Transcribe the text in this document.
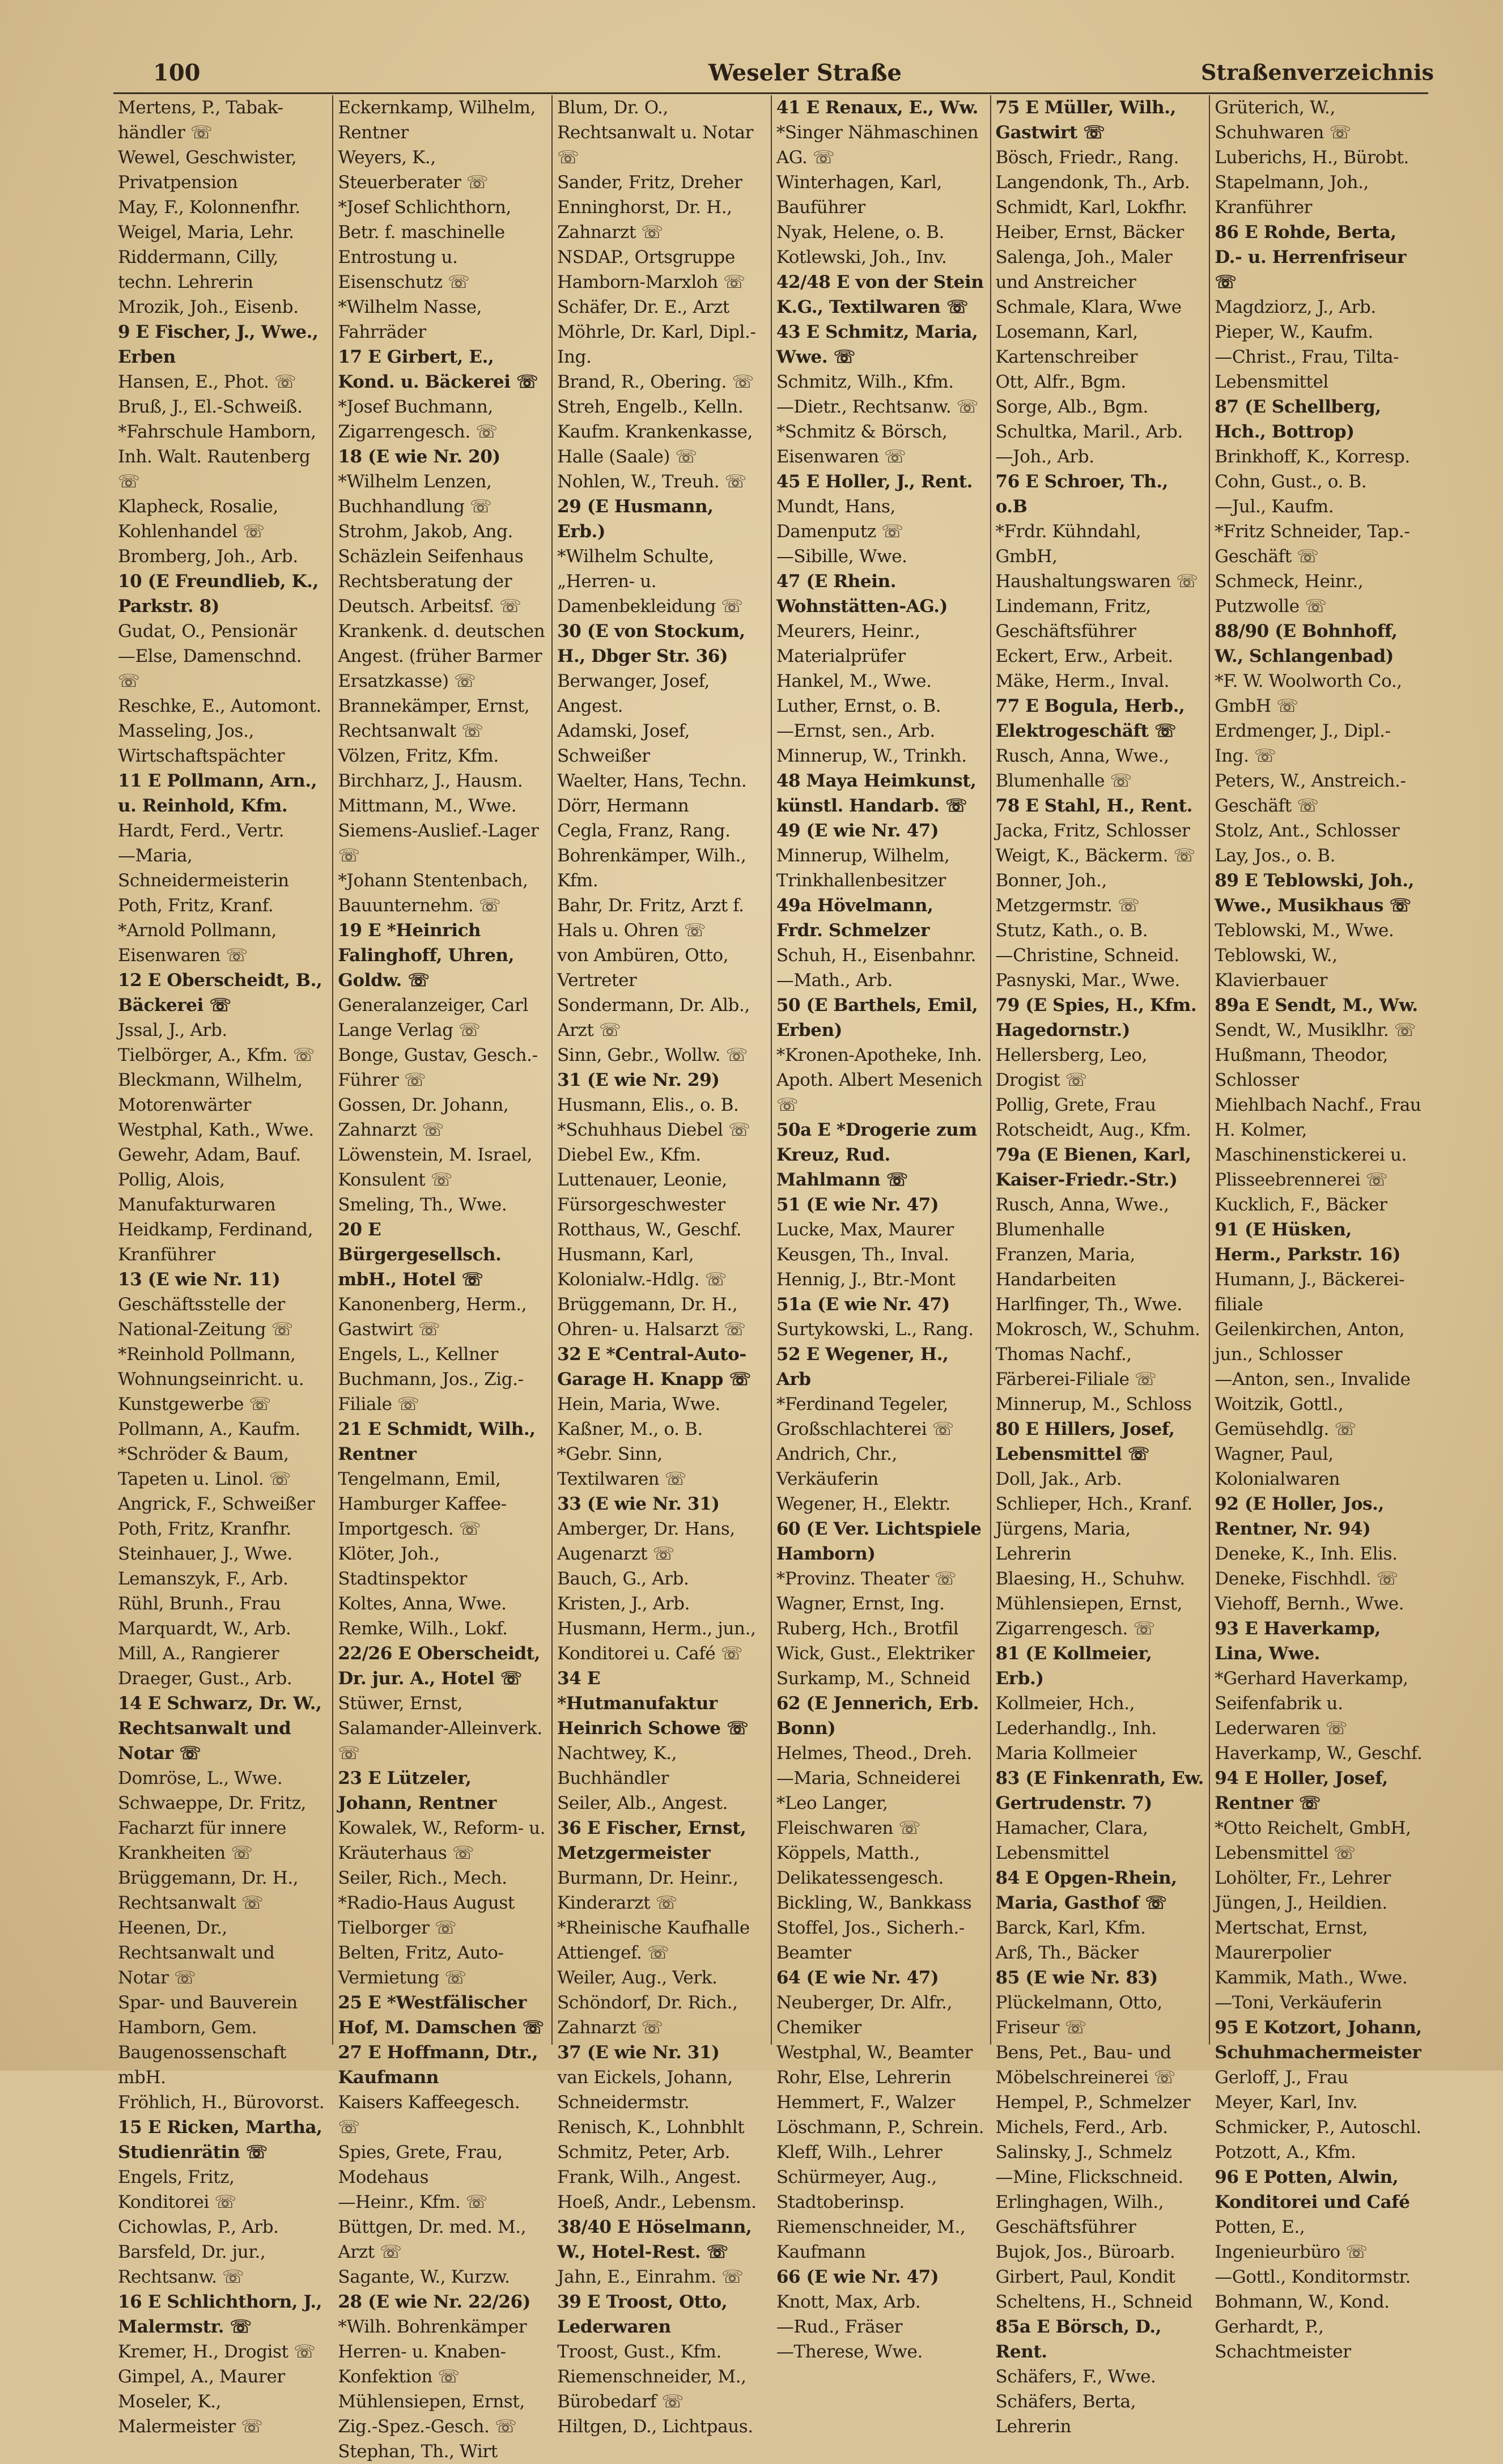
100	Weseler Straße	Straßenverzeichnis
Mertens, P., Tabak-händler ☏
Wewel, Geschwister, Privatpension
May, F., Kolonnenfhr.
Weigel, Maria, Lehr.
Riddermann, Cilly, techn. Lehrerin
Mrozik, Joh., Eisenb.
9 E Fischer, J., Wwe., Erben
Hansen, E., Phot. ☏
Bruß, J., El.-Schweiß.
*Fahrschule Hamborn, Inh. Walt. Rautenberg ☏
Klapheck, Rosalie, Kohlenhandel ☏
Bromberg, Joh., Arb.
10 (E Freundlieb, K., Parkstr. 8)
Gudat, O., Pensionär
—Else, Damenschnd. ☏
Reschke, E., Automont.
Masseling, Jos., Wirtschaftspächter
11 E Pollmann, Arn., u. Reinhold, Kfm.
Hardt, Ferd., Vertr.
—Maria, Schneidermeisterin
Poth, Fritz, Kranf.
*Arnold Pollmann, Eisenwaren ☏
12 E Oberscheidt, B., Bäckerei ☏
Jssal, J., Arb.
Tielbörger, A., Kfm. ☏
Bleckmann, Wilhelm, Motorenwärter
Westphal, Kath., Wwe.
Gewehr, Adam, Bauf.
Pollig, Alois, Manufakturwaren
Heidkamp, Ferdinand, Kranführer
13 (E wie Nr. 11)
Geschäftsstelle der National-Zeitung ☏
*Reinhold Pollmann, Wohnungseinricht. u. Kunstgewerbe ☏
Pollmann, A., Kaufm.
*Schröder & Baum, Tapeten u. Linol. ☏
Angrick, F., Schweißer
Poth, Fritz, Kranfhr.
Steinhauer, J., Wwe.
Lemanszyk, F., Arb.
Rühl, Brunh., Frau
Marquardt, W., Arb.
Mill, A., Rangierer
Draeger, Gust., Arb.
14 E Schwarz, Dr. W., Rechtsanwalt und Notar ☏
Domröse, L., Wwe.
Schwaeppe, Dr. Fritz, Facharzt für innere Krankheiten ☏
Brüggemann, Dr. H., Rechtsanwalt ☏
Heenen, Dr., Rechtsanwalt und Notar ☏
Spar- und Bauverein Hamborn, Gem. Baugenossenschaft mbH.
Fröhlich, H., Bürovorst.
15 E Ricken, Martha, Studienrätin ☏
Engels, Fritz, Konditorei ☏
Cichowlas, P., Arb.
Barsfeld, Dr. jur., Rechtsanw. ☏
16 E Schlichthorn, J., Malermstr. ☏
Kremer, H., Drogist ☏
Gimpel, A., Maurer
Moseler, K., Malermeister ☏
Eckernkamp, Wilhelm, Rentner
Weyers, K., Steuerberater ☏
*Josef Schlichthorn, Betr. f. maschinelle Entrostung u. Eisenschutz ☏
*Wilhelm Nasse, Fahrräder
17 E Girbert, E., Kond. u. Bäckerei ☏
*Josef Buchmann, Zigarrengesch. ☏
18 (E wie Nr. 20)
*Wilhelm Lenzen, Buchhandlung ☏
Strohm, Jakob, Ang.
Schäzlein Seifenhaus
Rechtsberatung der Deutsch. Arbeitsf. ☏
Krankenk. d. deutschen Angest. (früher Barmer Ersatzkasse) ☏
Brannekämper, Ernst, Rechtsanwalt ☏
Völzen, Fritz, Kfm.
Birchharz, J., Hausm.
Mittmann, M., Wwe.
Siemens-Auslief.-Lager ☏
*Johann Stentenbach, Bauunternehm. ☏
19 E *Heinrich Falinghoff, Uhren, Goldw. ☏
Generalanzeiger, Carl Lange Verlag ☏
Bonge, Gustav, Gesch.-Führer ☏
Gossen, Dr. Johann, Zahnarzt ☏
Löwenstein, M. Israel, Konsulent ☏
Smeling, Th., Wwe.
20 E Bürgergesellsch. mbH., Hotel ☏
Kanonenberg, Herm., Gastwirt ☏
Engels, L., Kellner
Buchmann, Jos., Zig.-Filiale ☏
21 E Schmidt, Wilh., Rentner
Tengelmann, Emil, Hamburger Kaffee-Importgesch. ☏
Klöter, Joh., Stadtinspektor
Koltes, Anna, Wwe.
Remke, Wilh., Lokf.
22/26 E Oberscheidt, Dr. jur. A., Hotel ☏
Stüwer, Ernst, Salamander-Alleinverk. ☏
23 E Lützeler, Johann, Rentner
Kowalek, W., Reform- u. Kräuterhaus ☏
Seiler, Rich., Mech.
*Radio-Haus August Tielborger ☏
Belten, Fritz, Auto-Vermietung ☏
25 E *Westfälischer Hof, M. Damschen ☏
27 E Hoffmann, Dtr., Kaufmann
Kaisers Kaffeegesch. ☏
Spies, Grete, Frau, Modehaus
—Heinr., Kfm. ☏
Büttgen, Dr. med. M., Arzt ☏
Sagante, W., Kurzw.
28 (E wie Nr. 22/26)
*Wilh. Bohrenkämper Herren- u. Knaben-Konfektion ☏
Mühlensiepen, Ernst, Zig.-Spez.-Gesch. ☏
Stephan, Th., Wirt
Blum, Dr. O., Rechtsanwalt u. Notar ☏
Sander, Fritz, Dreher
Enninghorst, Dr. H., Zahnarzt ☏
NSDAP., Ortsgruppe Hamborn-Marxloh ☏
Schäfer, Dr. E., Arzt
Möhrle, Dr. Karl, Dipl.-Ing.
Brand, R., Obering. ☏
Streh, Engelb., Kelln.
Kaufm. Krankenkasse, Halle (Saale) ☏
Nohlen, W., Treuh. ☏
29 (E Husmann, Erb.)
*Wilhelm Schulte, „Herren- u. Damenbekleidung ☏
30 (E von Stockum, H., Dbger Str. 36)
Berwanger, Josef, Angest.
Adamski, Josef, Schweißer
Waelter, Hans, Techn.
Dörr, Hermann
Cegla, Franz, Rang.
Bohrenkämper, Wilh., Kfm.
Bahr, Dr. Fritz, Arzt f. Hals u. Ohren ☏
von Ambüren, Otto, Vertreter
Sondermann, Dr. Alb., Arzt ☏
Sinn, Gebr., Wollw. ☏
31 (E wie Nr. 29)
Husmann, Elis., o. B.
*Schuhhaus Diebel ☏
Diebel Ew., Kfm.
Luttenauer, Leonie, Fürsorgeschwester
Rotthaus, W., Geschf.
Husmann, Karl, Kolonialw.-Hdlg. ☏
Brüggemann, Dr. H., Ohren- u. Halsarzt ☏
32 E *Central-Auto-Garage H. Knapp ☏
Hein, Maria, Wwe.
Kaßner, M., o. B.
*Gebr. Sinn, Textilwaren ☏
33 (E wie Nr. 31)
Amberger, Dr. Hans, Augenarzt ☏
Bauch, G., Arb.
Kristen, J., Arb.
Husmann, Herm., jun., Konditorei u. Café ☏
34 E *Hutmanufaktur Heinrich Schowe ☏
Nachtwey, K., Buchhändler
Seiler, Alb., Angest.
36 E Fischer, Ernst, Metzgermeister
Burmann, Dr. Heinr., Kinderarzt ☏
*Rheinische Kaufhalle Attiengef. ☏
Weiler, Aug., Verk.
Schöndorf, Dr. Rich., Zahnarzt ☏
37 (E wie Nr. 31)
van Eickels, Johann, Schneidermstr.
Renisch, K., Lohnbhlt
Schmitz, Peter, Arb.
Frank, Wilh., Angest.
Hoeß, Andr., Lebensm.
38/40 E Höselmann, W., Hotel-Rest. ☏
Jahn, E., Einrahm. ☏
39 E Troost, Otto, Lederwaren
Troost, Gust., Kfm.
Riemenschneider, M., Bürobedarf ☏
Hiltgen, D., Lichtpaus.
41 E Renaux, E., Ww.
*Singer Nähmaschinen AG. ☏
Winterhagen, Karl, Bauführer
Nyak, Helene, o. B.
Kotlewski, Joh., Inv.
42/48 E von der Stein K.G., Textilwaren ☏
43 E Schmitz, Maria, Wwe. ☏
Schmitz, Wilh., Kfm.
—Dietr., Rechtsanw. ☏
*Schmitz & Börsch, Eisenwaren ☏
45 E Holler, J., Rent.
Mundt, Hans, Damenputz ☏
—Sibille, Wwe.
47 (E Rhein. Wohnstätten-AG.)
Meurers, Heinr., Materialprüfer
Hankel, M., Wwe.
Luther, Ernst, o. B.
—Ernst, sen., Arb.
Minnerup, W., Trinkh.
48 Maya Heimkunst, künstl. Handarb. ☏
49 (E wie Nr. 47)
Minnerup, Wilhelm, Trinkhallenbesitzer
49a Hövelmann, Frdr. Schmelzer
Schuh, H., Eisenbahnr.
—Math., Arb.
50 (E Barthels, Emil, Erben)
*Kronen-Apotheke, Inh. Apoth. Albert Mesenich ☏
50a E *Drogerie zum Kreuz, Rud. Mahlmann ☏
51 (E wie Nr. 47)
Lucke, Max, Maurer
Keusgen, Th., Inval.
Hennig, J., Btr.-Mont
51a (E wie Nr. 47)
Surtykowski, L., Rang.
52 E Wegener, H., Arb
*Ferdinand Tegeler, Großschlachterei ☏
Andrich, Chr., Verkäuferin
Wegener, H., Elektr.
60 (E Ver. Lichtspiele Hamborn)
*Provinz. Theater ☏
Wagner, Ernst, Ing.
Ruberg, Hch., Brotfil
Wick, Gust., Elektriker
Surkamp, M., Schneid
62 (E Jennerich, Erb. Bonn)
Helmes, Theod., Dreh.
—Maria, Schneiderei
*Leo Langer, Fleischwaren ☏
Köppels, Matth., Delikatessengesch.
Bickling, W., Bankkass
Stoffel, Jos., Sicherh.-Beamter
64 (E wie Nr. 47)
Neuberger, Dr. Alfr., Chemiker
Westphal, W., Beamter
Rohr, Else, Lehrerin
Hemmert, F., Walzer
Löschmann, P., Schrein.
Kleff, Wilh., Lehrer
Schürmeyer, Aug., Stadtoberinsp.
Riemenschneider, M., Kaufmann
66 (E wie Nr. 47)
Knott, Max, Arb.
—Rud., Fräser
—Therese, Wwe.
75 E Müller, Wilh., Gastwirt ☏
Bösch, Friedr., Rang.
Langendonk, Th., Arb.
Schmidt, Karl, Lokfhr.
Heiber, Ernst, Bäcker
Salenga, Joh., Maler und Anstreicher
Schmale, Klara, Wwe
Losemann, Karl, Kartenschreiber
Ott, Alfr., Bgm.
Sorge, Alb., Bgm.
Schultka, Maril., Arb.
—Joh., Arb.
76 E Schroer, Th., o.B
*Frdr. Kühndahl, GmbH, Haushaltungswaren ☏
Lindemann, Fritz, Geschäftsführer
Eckert, Erw., Arbeit.
Mäke, Herm., Inval.
77 E Bogula, Herb., Elektrogeschäft ☏
Rusch, Anna, Wwe., Blumenhalle ☏
78 E Stahl, H., Rent.
Jacka, Fritz, Schlosser
Weigt, K., Bäckerm. ☏
Bonner, Joh., Metzgermstr. ☏
Stutz, Kath., o. B.
—Christine, Schneid.
Pasnyski, Mar., Wwe.
79 (E Spies, H., Kfm. Hagedornstr.)
Hellersberg, Leo, Drogist ☏
Pollig, Grete, Frau
Rotscheidt, Aug., Kfm.
79a (E Bienen, Karl, Kaiser-Friedr.-Str.)
Rusch, Anna, Wwe., Blumenhalle
Franzen, Maria, Handarbeiten
Harlfinger, Th., Wwe.
Mokrosch, W., Schuhm.
Thomas Nachf., Färberei-Filiale ☏
Minnerup, M., Schloss
80 E Hillers, Josef, Lebensmittel ☏
Doll, Jak., Arb.
Schlieper, Hch., Kranf.
Jürgens, Maria, Lehrerin
Blaesing, H., Schuhw.
Mühlensiepen, Ernst, Zigarrengesch. ☏
81 (E Kollmeier, Erb.)
Kollmeier, Hch., Lederhandlg., Inh. Maria Kollmeier
83 (E Finkenrath, Ew. Gertrudenstr. 7)
Hamacher, Clara, Lebensmittel
84 E Opgen-Rhein, Maria, Gasthof ☏
Barck, Karl, Kfm.
Arß, Th., Bäcker
85 (E wie Nr. 83)
Plückelmann, Otto, Friseur ☏
Bens, Pet., Bau- und Möbelschreinerei ☏
Hempel, P., Schmelzer
Michels, Ferd., Arb.
Salinsky, J., Schmelz
—Mine, Flickschneid.
Erlinghagen, Wilh., Geschäftsführer
Bujok, Jos., Büroarb.
Girbert, Paul, Kondit
Scheltens, H., Schneid
85a E Börsch, D., Rent.
Schäfers, F., Wwe.
Schäfers, Berta, Lehrerin
Grüterich, W., Schuhwaren ☏
Luberichs, H., Bürobt.
Stapelmann, Joh., Kranführer
86 E Rohde, Berta, D.- u. Herrenfriseur ☏
Magdziorz, J., Arb.
Pieper, W., Kaufm.
—Christ., Frau, Tilta-Lebensmittel
87 (E Schellberg, Hch., Bottrop)
Brinkhoff, K., Korresp.
Cohn, Gust., o. B.
—Jul., Kaufm.
*Fritz Schneider, Tap.-Geschäft ☏
Schmeck, Heinr., Putzwolle ☏
88/90 (E Bohnhoff, W., Schlangenbad)
*F. W. Woolworth Co., GmbH ☏
Erdmenger, J., Dipl.-Ing. ☏
Peters, W., Anstreich.-Geschäft ☏
Stolz, Ant., Schlosser
Lay, Jos., o. B.
89 E Teblowski, Joh., Wwe., Musikhaus ☏
Teblowski, M., Wwe.
Teblowski, W., Klavierbauer
89a E Sendt, M., Ww.
Sendt, W., Musiklhr. ☏
Hußmann, Theodor, Schlosser
Miehlbach Nachf., Frau H. Kolmer, Maschinenstickerei u. Plisseebrennerei ☏
Kucklich, F., Bäcker
91 (E Hüsken, Herm., Parkstr. 16)
Humann, J., Bäckerei-filiale
Geilenkirchen, Anton, jun., Schlosser
—Anton, sen., Invalide
Woitzik, Gottl., Gemüsehdlg. ☏
Wagner, Paul, Kolonialwaren
92 (E Holler, Jos., Rentner, Nr. 94)
Deneke, K., Inh. Elis. Deneke, Fischhdl. ☏
Viehoff, Bernh., Wwe.
93 E Haverkamp, Lina, Wwe.
*Gerhard Haverkamp, Seifenfabrik u. Lederwaren ☏
Haverkamp, W., Geschf.
94 E Holler, Josef, Rentner ☏
*Otto Reichelt, GmbH, Lebensmittel ☏
Lohölter, Fr., Lehrer
Jüngen, J., Heildien.
Mertschat, Ernst, Maurerpolier
Kammik, Math., Wwe.
—Toni, Verkäuferin
95 E Kotzort, Johann, Schuhmachermeister
Gerloff, J., Frau
Meyer, Karl, Inv.
Schmicker, P., Autoschl.
Potzott, A., Kfm.
96 E Potten, Alwin, Konditorei und Café
Potten, E., Ingenieurbüro ☏
—Gottl., Konditormstr.
Bohmann, W., Kond.
Gerhardt, P., Schachtmeister
